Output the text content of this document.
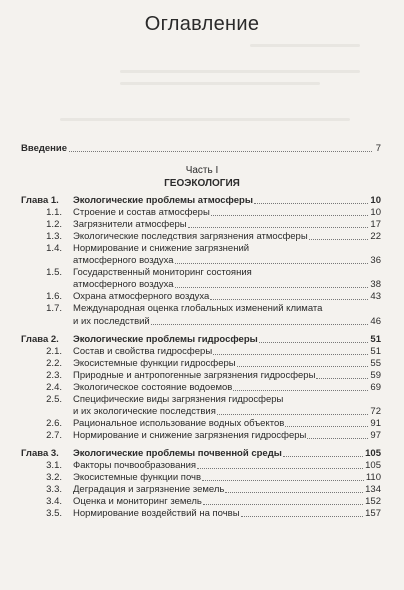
Оглавление
Введение	7
Часть I
ГЕОЭКОЛОГИЯ
Глава 1. Экологические проблемы атмосферы	10
1.1. Строение и состав атмосферы	10
1.2. Загрязнители атмосферы	17
1.3. Экологические последствия загрязнения атмосферы	22
1.4. Нормирование и снижение загрязнений
атмосферного воздуха	36
1.5. Государственный мониторинг состояния
атмосферного воздуха	38
1.6. Охрана атмосферного воздуха	43
1.7. Международная оценка глобальных изменений климата
и их последствий	46
Глава 2. Экологические проблемы гидросферы	51
2.1. Состав и свойства гидросферы	51
2.2. Экосистемные функции гидросферы	55
2.3. Природные и антропогенные загрязнения гидросферы	59
2.4. Экологическое состояние водоемов	69
2.5. Специфические виды загрязнения гидросферы
и их экологические последствия	72
2.6. Рациональное использование водных объектов	91
2.7. Нормирование и снижение загрязнения гидросферы	97
Глава 3. Экологические проблемы почвенной среды	105
3.1. Факторы почвообразования	105
3.2. Экосистемные функции почв	110
3.3. Деградация и загрязнение земель	134
3.4. Оценка и мониторинг земель	152
3.5. Нормирование воздействий на почвы	157
